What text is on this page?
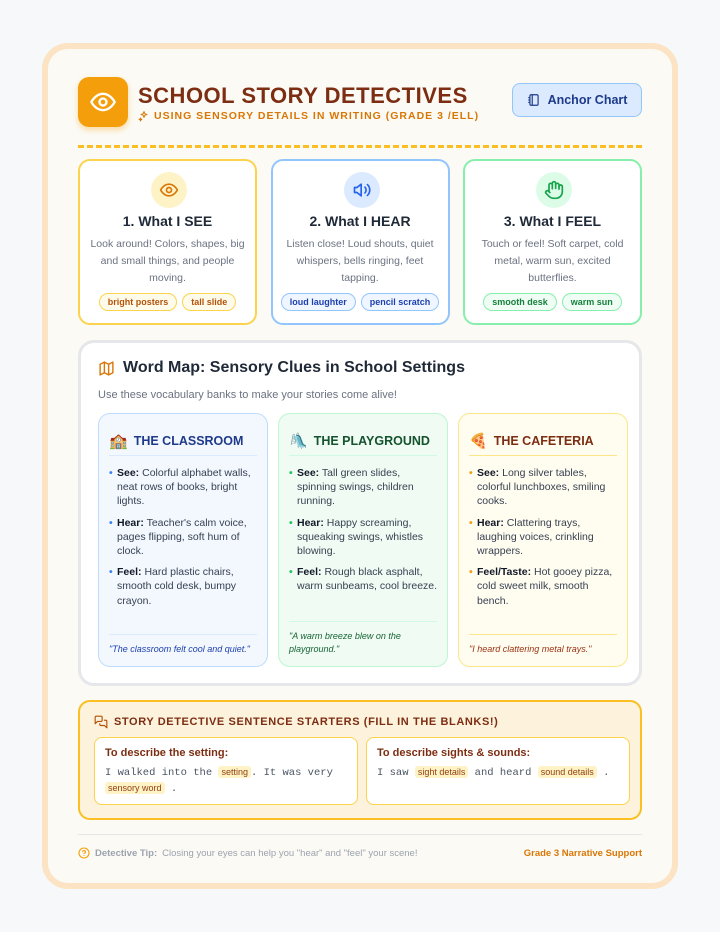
SCHOOL STORY DETECTIVES
USING SENSORY DETAILS IN WRITING (GRADE 3 /ELL)
Anchor Chart
1. What I SEE
Look around! Colors, shapes, big and small things, and people moving.
bright posters	tall slide
2. What I HEAR
Listen close! Loud shouts, quiet whispers, bells ringing, feet tapping.
loud laughter	pencil scratch
3. What I FEEL
Touch or feel! Soft carpet, cold metal, warm sun, excited butterflies.
smooth desk	warm sun
Word Map: Sensory Clues in School Settings
Use these vocabulary banks to make your stories come alive!
🏫 THE CLASSROOM
• See: Colorful alphabet walls, neat rows of books, bright lights.
• Hear: Teacher's calm voice, pages flipping, soft hum of clock.
• Feel: Hard plastic chairs, smooth cold desk, bumpy crayon.
"The classroom felt cool and quiet."
🛝 THE PLAYGROUND
• See: Tall green slides, spinning swings, children running.
• Hear: Happy screaming, squeaking swings, whistles blowing.
• Feel: Rough black asphalt, warm sunbeams, cool breeze.
"A warm breeze blew on the playground."
🍕 THE CAFETERIA
• See: Long silver tables, colorful lunchboxes, smiling cooks.
• Hear: Clattering trays, laughing voices, crinkling wrappers.
• Feel/Taste: Hot gooey pizza, cold sweet milk, smooth bench.
"I heard clattering metal trays."
STORY DETECTIVE SENTENCE STARTERS (FILL IN THE BLANKS!)
To describe the setting:
I walked into the setting . It was very sensory word .
To describe sights & sounds:
I saw sight details and heard sound details .
Detective Tip: Closing your eyes can help you "hear" and "feel" your scene!	Grade 3 Narrative Support
